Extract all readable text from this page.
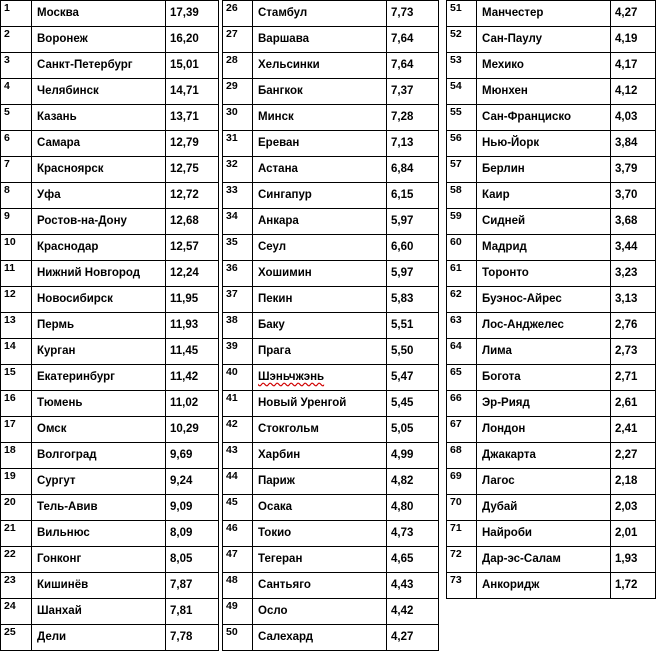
1	Москва	17,39
2	Воронеж	16,20
3	Санкт-Петербург	15,01
4	Челябинск	14,71
5	Казань	13,71
6	Самара	12,79
7	Красноярск	12,75
8	Уфа	12,72
9	Ростов-на-Дону	12,68
10	Краснодар	12,57
11	Нижний Новгород	12,24
12	Новосибирск	11,95
13	Пермь	11,93
14	Курган	11,45
15	Екатеринбург	11,42
16	Тюмень	11,02
17	Омск	10,29
18	Волгоград	9,69
19	Сургут	9,24
20	Тель-Авив	9,09
21	Вильнюс	8,09
22	Гонконг	8,05
23	Кишинёв	7,87
24	Шанхай	7,81
25	Дели	7,78
26	Стамбул	7,73
27	Варшава	7,64
28	Хельсинки	7,64
29	Бангкок	7,37
30	Минск	7,28
31	Ереван	7,13
32	Астана	6,84
33	Сингапур	6,15
34	Анкара	5,97
35	Сеул	6,60
36	Хошимин	5,97
37	Пекин	5,83
38	Баку	5,51
39	Прага	5,50
40	Шэньчжэнь	5,47
41	Новый Уренгой	5,45
42	Стокгольм	5,05
43	Харбин	4,99
44	Париж	4,82
45	Осака	4,80
46	Токио	4,73
47	Тегеран	4,65
48	Сантьяго	4,43
49	Осло	4,42
50	Салехард	4,27
51	Манчестер	4,27
52	Сан-Паулу	4,19
53	Мехико	4,17
54	Мюнхен	4,12
55	Сан-Франциско	4,03
56	Нью-Йорк	3,84
57	Берлин	3,79
58	Каир	3,70
59	Сидней	3,68
60	Мадрид	3,44
61	Торонто	3,23
62	Буэнос-Айрес	3,13
63	Лос-Анджелес	2,76
64	Лима	2,73
65	Богота	2,71
66	Эр-Рияд	2,61
67	Лондон	2,41
68	Джакарта	2,27
69	Лагос	2,18
70	Дубай	2,03
71	Найроби	2,01
72	Дар-эс-Салам	1,93
73	Анкоридж	1,72
